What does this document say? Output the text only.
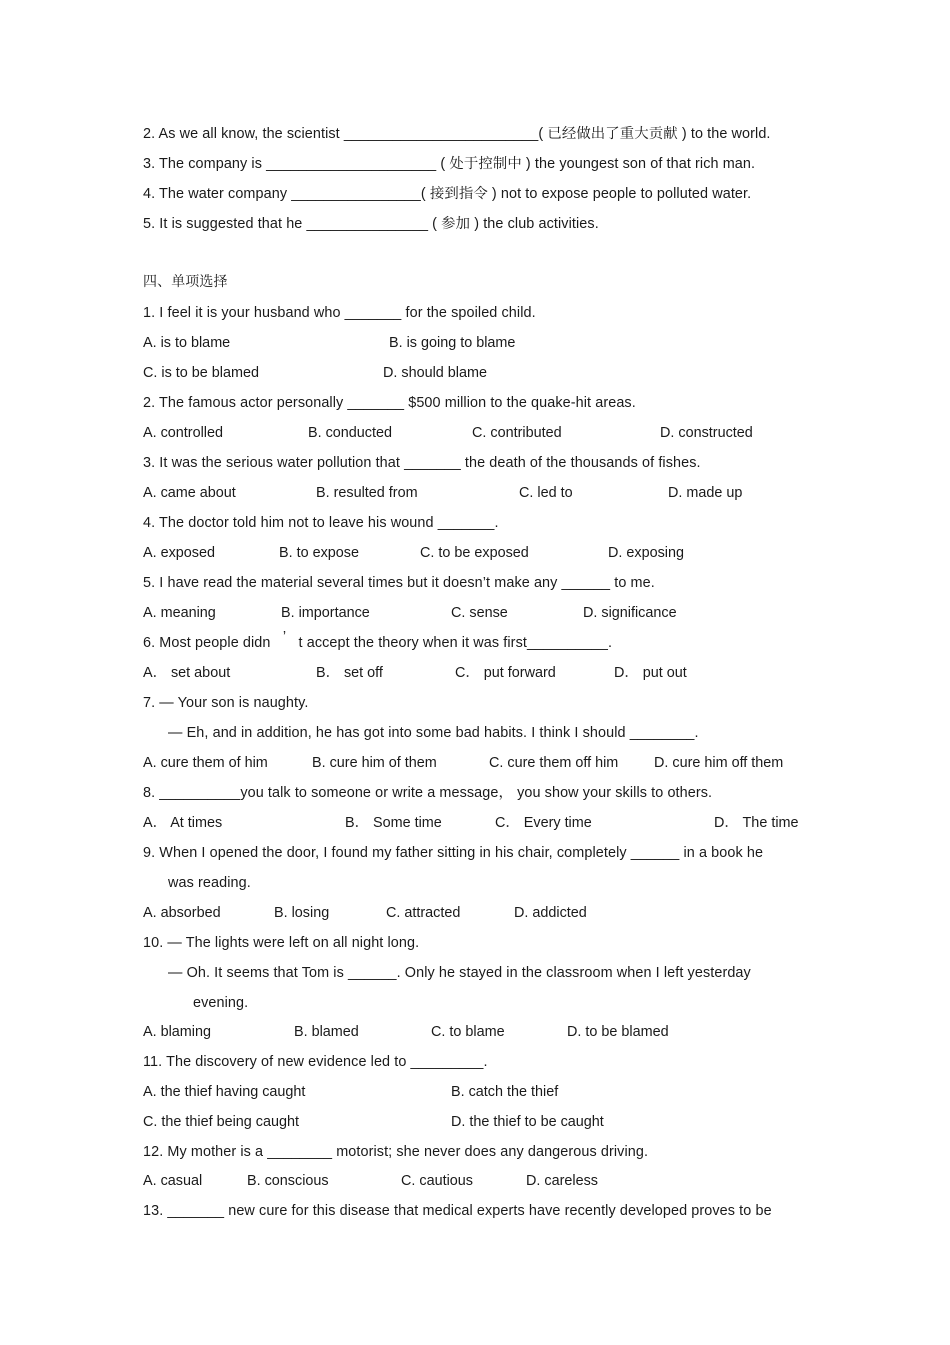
2. As we all know, the scientist ________________________( 已经做出了重大贡献 ) to the world.
3. The company is _____________________ ( 处于控制中 ) the youngest son of that rich man.
4. The water company ________________( 接到指令 ) not to expose people to polluted water.
5. It is suggested that he _______________ ( 参加 ) the club activities.
四、单项选择
1. I feel it is your husband who _______ for the spoiled child.
A. is to blame	B. is going to blame
C. is to be blamed	D. should blame
2. The famous actor personally _______ $500 million to the quake-hit areas.
A. controlled	B. conducted	C. contributed	D. constructed
3. It was the serious water pollution that _______ the death of the thousands of fishes.
A. came about	B. resulted from	C. led to	D. made up
4. The doctor told him not to leave his wound _______.
A. exposed	B. to expose	C. to be exposed	D. exposing
5. I have read the material several times but it doesn’t make any ______ to me.
A. meaning	B. importance	C. sense	D. significance
6. Most people didn ’ t accept the theory when it was first__________.
A． set about	B． set off	C． put forward	D． put out
7. — Your son is naughty.
— Eh, and in addition, he has got into some bad habits. I think I should ________.
A. cure them of him	B. cure him of them	C. cure them off him D. cure him off them
8. __________you talk to someone or write a message， you show your skills to others.
A． At times	B． Some time	C． Every time	D． The time
9. When I opened the door, I found my father sitting in his chair, completely ______ in a book he
was reading.
A. absorbed	B. losing	C. attracted	D. addicted
10. — The lights were left on all night long.
— Oh. It seems that Tom is ______. Only he stayed in the classroom when I left yesterday
evening.
A. blaming	B. blamed	C. to blame	D. to be blamed
11. The discovery of new evidence led to _________.
A. the thief having caught	B. catch the thief
C. the thief being caught	D. the thief to be caught
12. My mother is a ________ motorist; she never does any dangerous driving.
A. casual	B. conscious	C. cautious	D. careless
13. _______ new cure for this disease that medical experts have recently developed proves to be
